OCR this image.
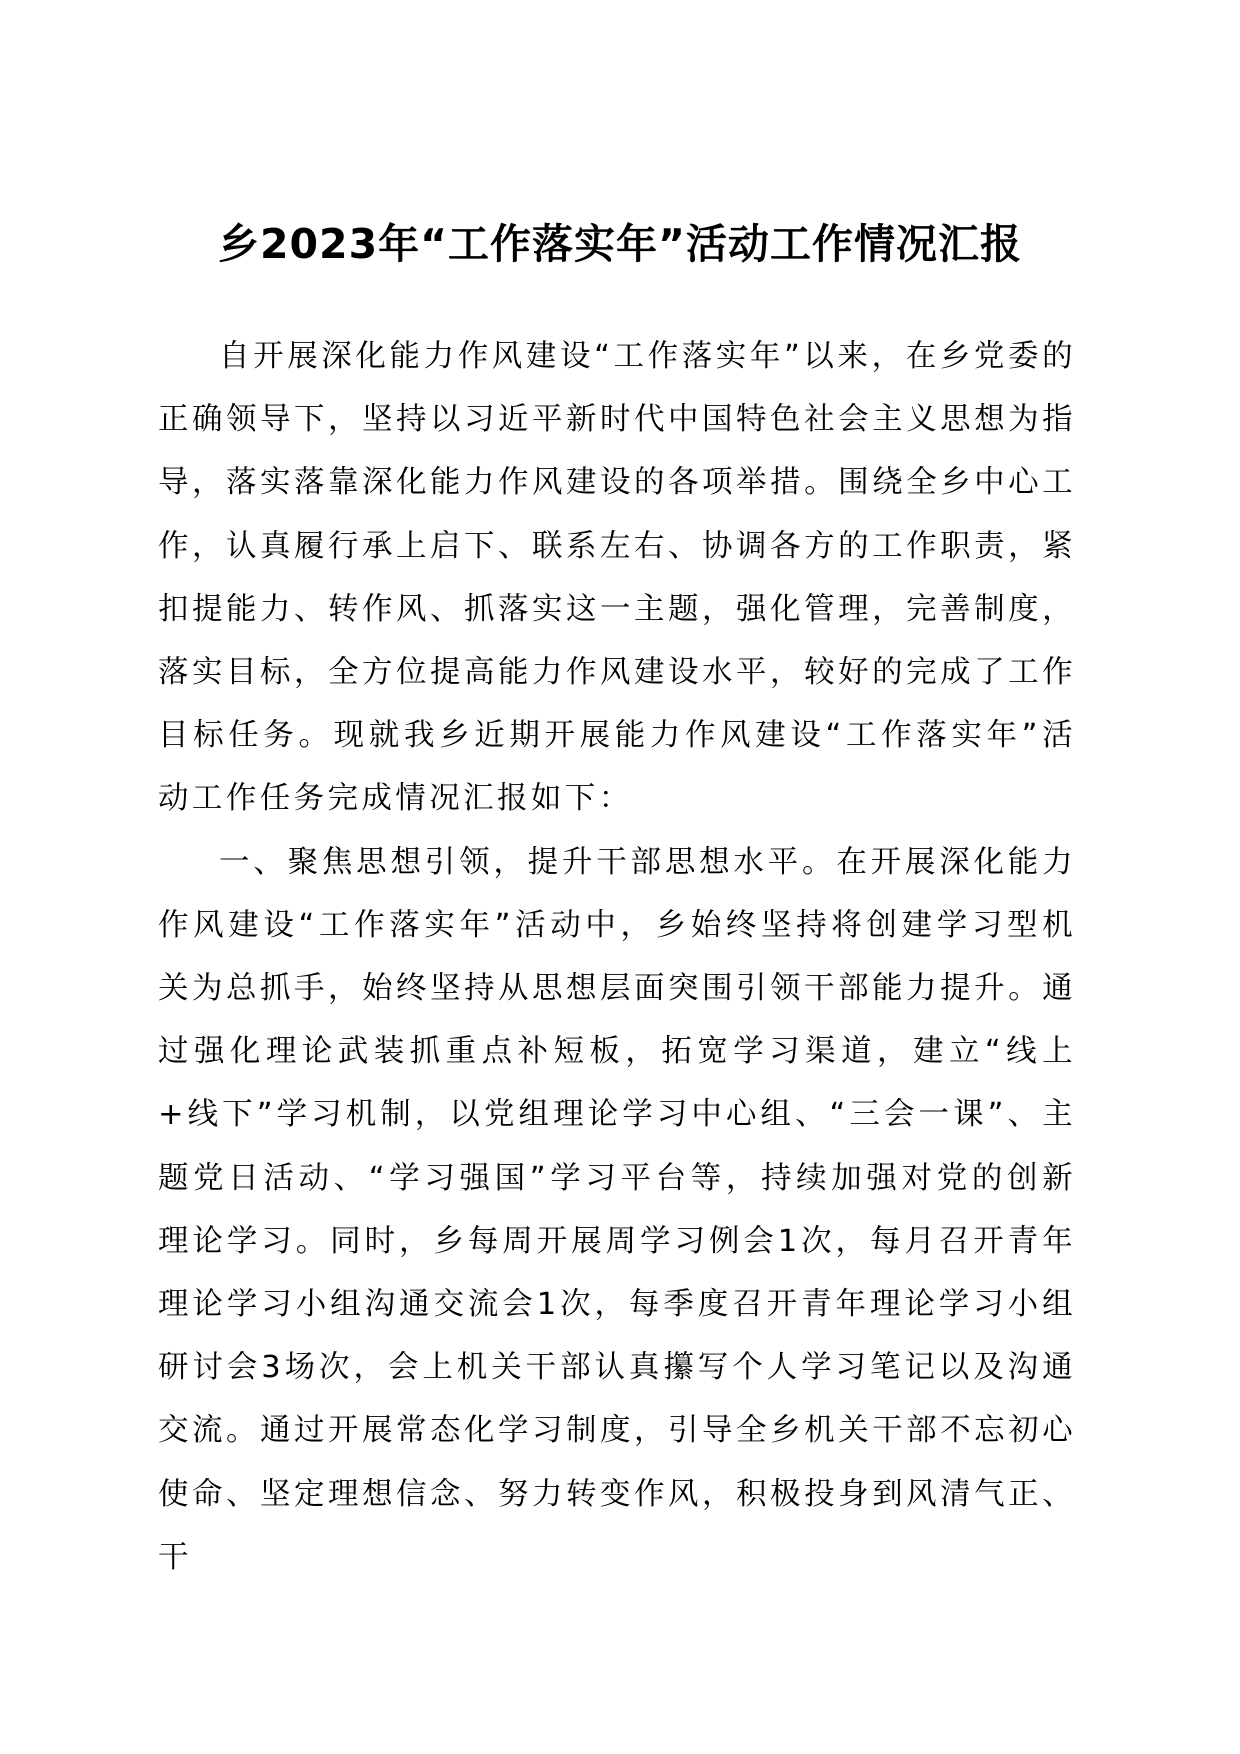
乡2023年“工作落实年”活动工作情况汇报

自开展深化能力作风建设“工作落实年”以来，在乡党委的正确领导下，坚持以习近平新时代中国特色社会主义思想为指导，落实落靠深化能力作风建设的各项举措。围绕全乡中心工作，认真履行承上启下、联系左右、协调各方的工作职责，紧扣提能力、转作风、抓落实这一主题，强化管理，完善制度，落实目标，全方位提高能力作风建设水平，较好的完成了工作目标任务。现就我乡近期开展能力作风建设“工作落实年”活动工作任务完成情况汇报如下：

一、聚焦思想引领，提升干部思想水平。在开展深化能力作风建设“工作落实年”活动中，乡始终坚持将创建学习型机关为总抓手，始终坚持从思想层面突围引领干部能力提升。通过强化理论武装抓重点补短板，拓宽学习渠道，建立“线上+线下”学习机制，以党组理论学习中心组、“三会一课”、主题党日活动、“学习强国”学习平台等，持续加强对党的创新理论学习。同时，乡每周开展周学习例会1次，每月召开青年理论学习小组沟通交流会1次，每季度召开青年理论学习小组研讨会3场次，会上机关干部认真攥写个人学习笔记以及沟通交流。通过开展常态化学习制度，引导全乡机关干部不忘初心使命、坚定理想信念、努力转变作风，积极投身到风清气正、干
